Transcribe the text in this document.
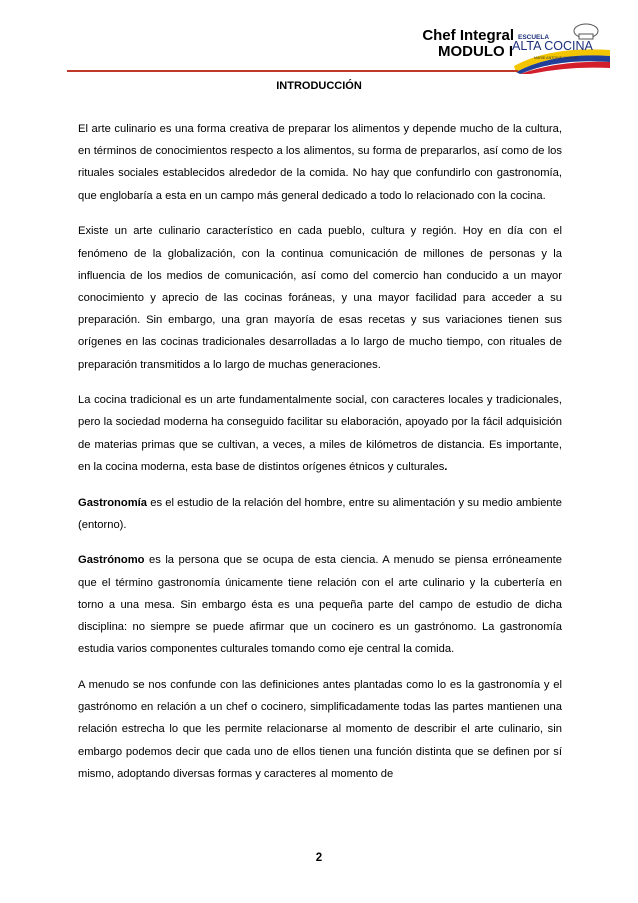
Chef Integral

MODULO I
ESCUELA
ALTA COCINA
MARIE ANTOINE CAREME
INTRODUCCIÓN

El arte culinario es una forma creativa de preparar los alimentos y depende mucho de la cultura, en términos de conocimientos respecto a los alimentos, su forma de prepararlos, así como de los rituales sociales establecidos alrededor de la comida. No hay que confundirlo con gastronomía, que englobaría a esta en un campo más general dedicado a todo lo relacionado con la cocina.

Existe un arte culinario característico en cada pueblo, cultura y región. Hoy en día con el fenómeno de la globalización, con la continua comunicación de millones de personas y la influencia de los medios de comunicación, así como del comercio han conducido a un mayor conocimiento y aprecio de las cocinas foráneas, y una mayor facilidad para acceder a su preparación. Sin embargo, una gran mayoría de esas recetas y sus variaciones tienen sus orígenes en las cocinas tradicionales desarrolladas a lo largo de mucho tiempo, con rituales de preparación transmitidos a lo largo de muchas generaciones.

La cocina tradicional es un arte fundamentalmente social, con caracteres locales y tradicionales, pero la sociedad moderna ha conseguido facilitar su elaboración, apoyado por la fácil adquisición de materias primas que se cultivan, a veces, a miles de kilómetros de distancia. Es importante, en la cocina moderna, esta base de distintos orígenes étnicos y culturales.

Gastronomía es el estudio de la relación del hombre, entre su alimentación y su medio ambiente (entorno).

Gastrónomo es la persona que se ocupa de esta ciencia. A menudo se piensa erróneamente que el término gastronomía únicamente tiene relación con el arte culinario y la cubertería en torno a una mesa. Sin embargo ésta es una pequeña parte del campo de estudio de dicha disciplina: no siempre se puede afirmar que un cocinero es un gastrónomo. La gastronomía estudia varios componentes culturales tomando como eje central la comida.

A menudo se nos confunde con las definiciones antes plantadas como lo es la gastronomía y el gastrónomo en relación a un chef o cocinero, simplificadamente todas las partes mantienen una relación estrecha lo que les permite relacionarse al momento de describir el arte culinario, sin embargo podemos decir que cada uno de ellos tienen una función distinta que se definen por sí mismo, adoptando diversas formas y caracteres al momento de

2
